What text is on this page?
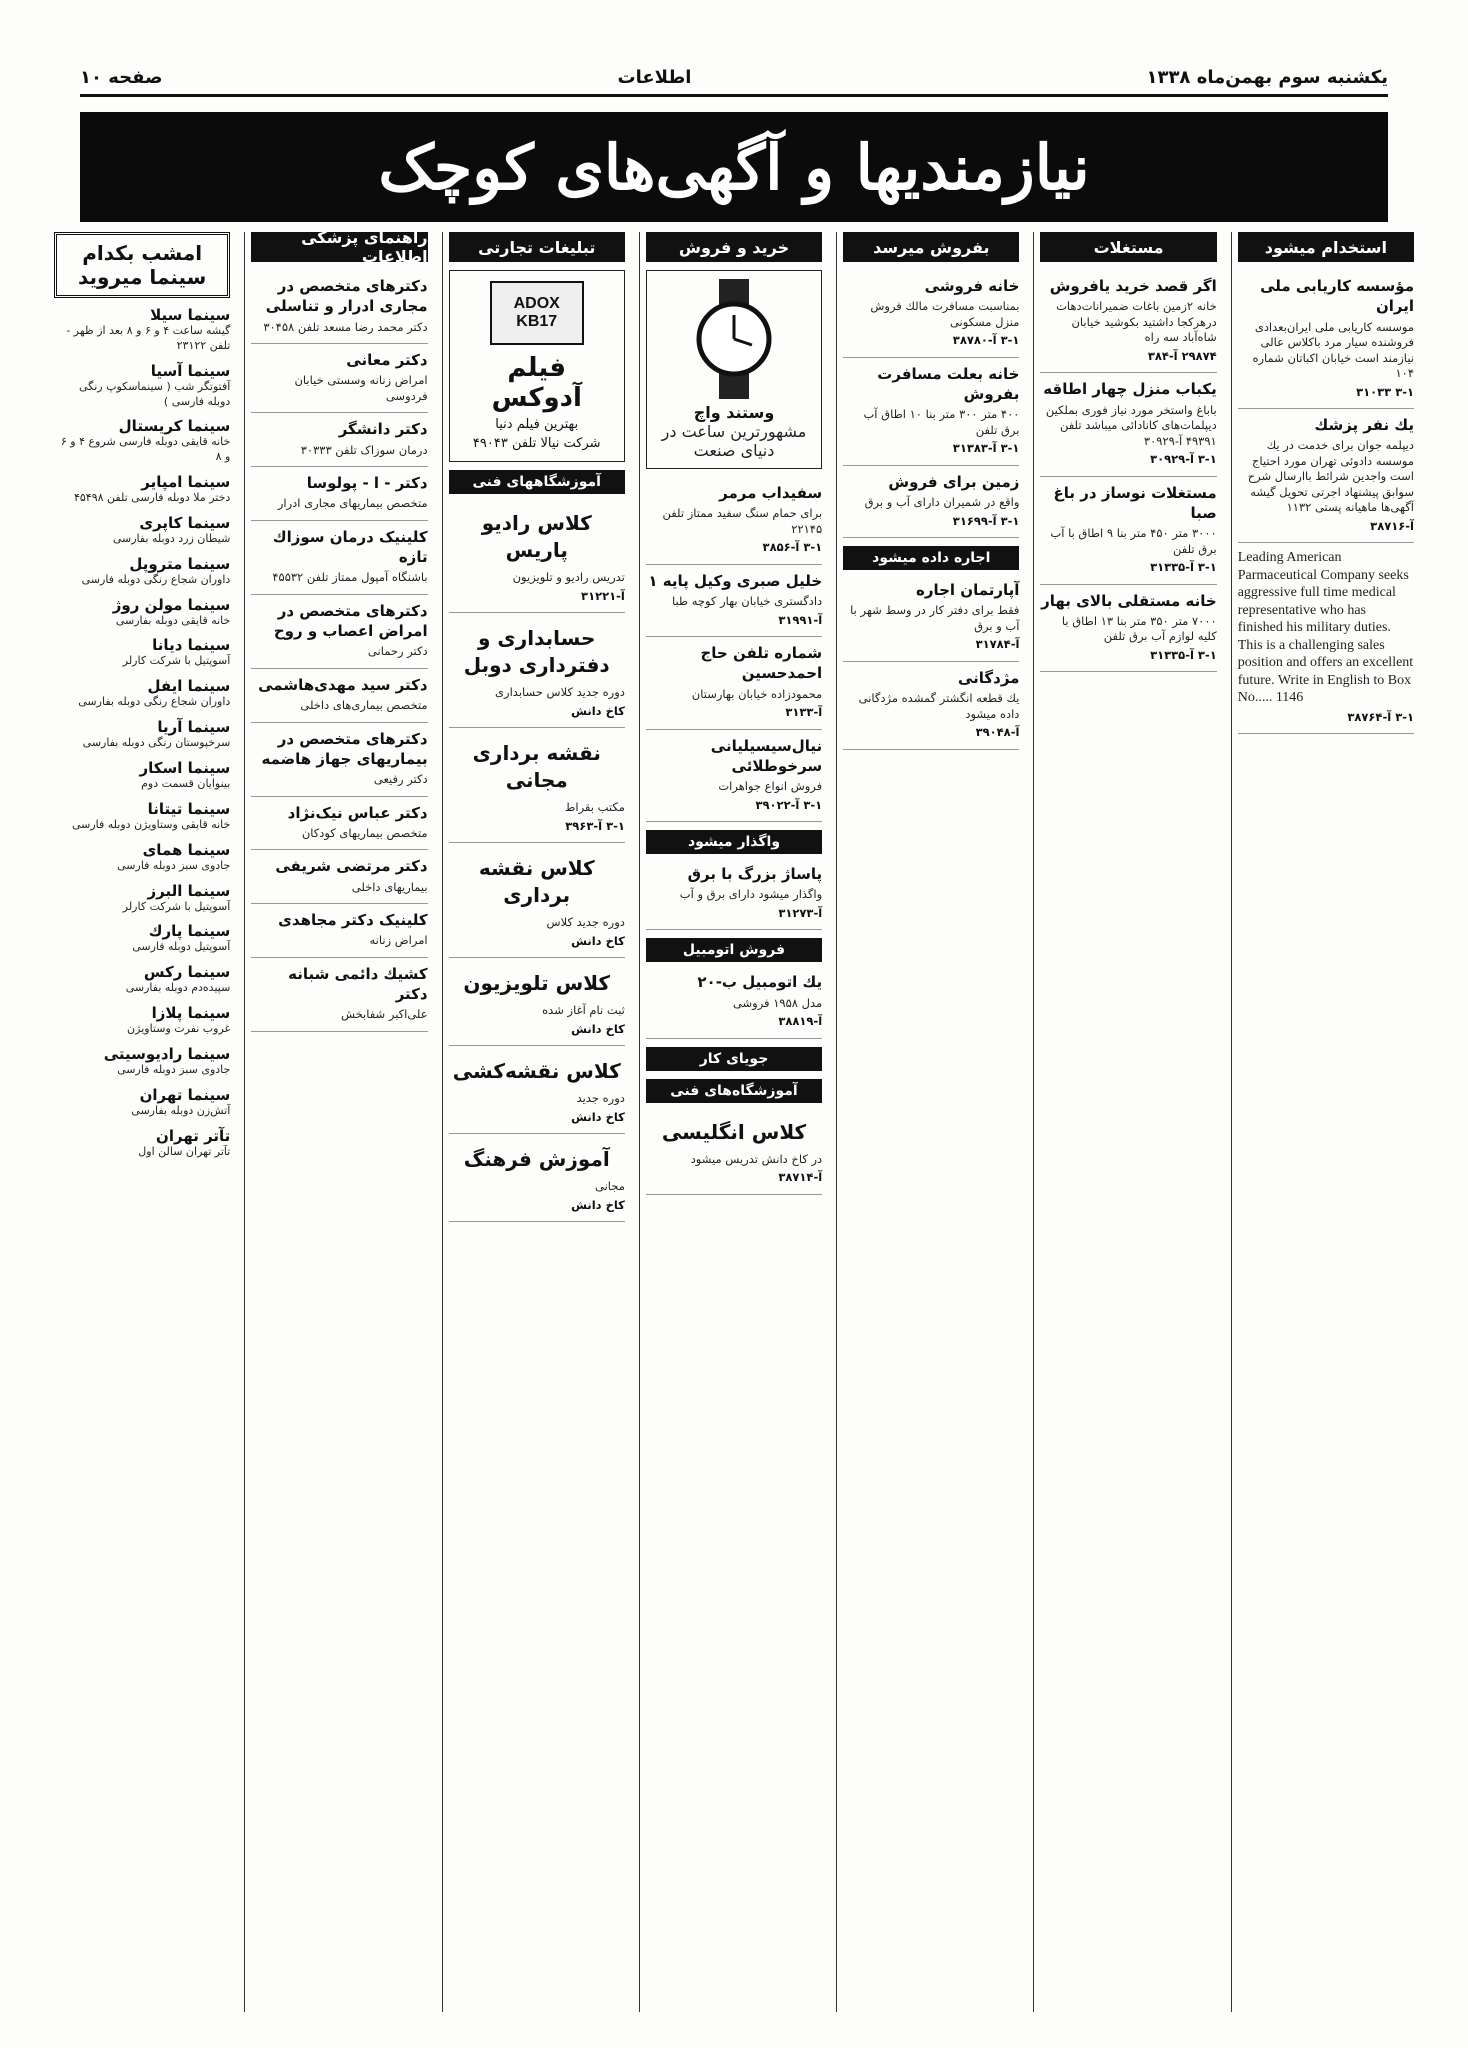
یکشنبه سوم بهمن‌ماه ۱۳۳۸
اطلاعات
صفحه ۱۰
نیازمندیها و آگهی‌های کوچک
استخدام میشود
مؤسسه کاریابی ملی ایران
موسسه کاریابی ملی ایران‌بعدادی فروشنده سیار مرد باکلاس عالی نیازمند است خیابان اکباتان شماره ۱۰۴
۳-۱ ۳۱۰۳۳
یك نفر پزشك
دیپلمه جوان برای خدمت در یك موسسه دادوئی تهران مورد احتیاج است واجدین شرائط باارسال شرح سوابق پیشنهاد اجرتی تحویل گیشه آگهی‌ها ماهیانه پستی ۱۱۳۲
آ-۳۸۷۱۶
Leading American Parmaceutical Company seeks aggressive full time medical representative who has finished his military duties. This is a challenging sales position and offers an excellent future. Write in English to Box No..... 1146
۳-۱ آ-۳۸۷۶۴
مستغلات
اگر قصد خرید یافروش
خانه ۲زمین باغات ضمیرانات‌دهات درهرکجا داشتید بکوشید خیابان شاه‌آباد سه راه
۲۹۸۷۴ آ-۳۸۴
یکباب منزل چهار اطاقه
باباغ واستخر مورد نیاز فوری بملکین دیپلمات‌های کانادائی میباشد تلفن ۴۹۳۹۱ آ-۳۰۹۲۹
۳-۱ آ-۳۰۹۲۹
مستغلات نوساز در باغ صبا
۳۰۰۰ متر ۴۵۰ متر بنا ۹ اطاق با آب برق تلفن
۳-۱ آ-۳۱۳۳۵
خانه مستقلی بالای بهار
۷۰۰۰ متر ۳۵۰ متر بنا ۱۳ اطاق با کلیه لوازم آب برق تلفن
۳-۱ آ-۳۱۳۳۵
بفروش میرسد
خانه فروشی
بمناسبت مسافرت مالك فروش منزل مسکونی
۳-۱ آ-۳۸۷۸۰
خانه بعلت مسافرت بفروش
۴۰۰ متر ۳۰۰ متر بنا ۱۰ اطاق آب برق تلفن
۳-۱ آ-۳۱۳۸۳
زمین برای فروش
واقع در شمیران دارای آب و برق
۳-۱ آ-۳۱۶۹۹
اجاره داده میشود
آپارتمان اجاره
فقط برای دفتر کار در وسط شهر با آب و برق
آ-۳۱۷۸۴
مژدگانی
یك قطعه انگشتر گمشده مژدگانی داده میشود
آ-۳۹۰۴۸
خرید و فروش
وستند واچ
مشهورترین ساعت در دنیای صنعت
سفیداب مرمر
برای حمام سنگ سفید ممتاز تلفن ۲۲۱۴۵
۳-۱ آ-۳۸۵۶
خلیل صبری وکیل پایه ۱
دادگستری خیابان بهار کوچه طبا
آ-۳۱۹۹۱
شماره تلفن حاج احمدحسین
محمودزاده خیابان بهارستان
آ-۳۱۳۳
نیال‌سیسیلیا‌نی سرخوطلائی
فروش انواع جواهرات
۳-۱ آ-۳۹۰۲۲
واگذار میشود
پاساژ بزرگ با برق
واگذار میشود دارای برق و آب
آ-۳۱۲۷۳
فروش اتومبیل
یك اتومبیل ب-۲۰
مدل ۱۹۵۸ فروشی
آ-۳۸۸۱۹
جویای کار
آموزشگاه‌های فنی
کلاس انگلیسی
در کاخ دانش تدریس میشود
آ-۳۸۷۱۴
تبلیغات تجارتی
ADOX KB17
فیلم آدوکس
بهترین فیلم دنیا
شرکت نیالا تلفن ۴۹۰۴۳
آموزشگاههای فنی
کلاس رادیو پاریس
تدریس رادیو و تلویزیون
آ-۳۱۲۲۱
حسابداری و دفترداری دوبل
دوره جدید کلاس حسابداری
کاخ دانش
نقشه برداری مجانی
مکتب بقراط
۳-۱ آ-۳۹۶۳
کلاس نقشه برداری
دوره جدید کلاس
کاخ دانش
کلاس تلویزیون
ثبت نام آغاز شده
کاخ دانش
کلاس نقشه‌کشی
دوره جدید
کاخ دانش
آموزش فرهنگ
مجانی
کاخ دانش
راهنمای پزشکی اطلاعات
دکترهای متخصص در مجاری ادرار و تناسلی
دکتر محمد رضا مسعد تلفن ۳۰۴۵۸
دکتر معانی
امراض زنانه وسستی خیابان فردوسی
دکتر دانشگر
درمان سوزاک تلفن ۳۰۳۳۳
دکتر - ا - پولوسا
متخصص بیماریهای مجاری ادرار
کلینیک درمان سوزاك تازه
باشنگاه آمپول ممتاز تلفن ۴۵۵۳۲
دکترهای متخصص در امراض اعصاب و روح
دکتر رحمانی
دکتر سید مهدی‌هاشمی
متخصص بیماری‌های داخلی
دکترهای متخصص در بیماریهای جهاز هاضمه
دکتر رفیعی
دکتر عباس نیک‌نژاد
متخصص بیماریهای کودکان
دکتر مرتضی شریفی
بیماریهای داخلی
کلینیک دکتر مجاهدی
امراض زنانه
کشیك دائمی شبانه دکتر
علی‌اکبر شفابخش
امشب بکدام سینما میروید
سینما سیلا
گیشه ساعت ۴ و ۶ و ۸ بعد از ظهر - تلفن ۲۳۱۲۲
سینما آسیا
آفتوتگر شب ( سینماسکوپ رنگی دوبله فارسی )
سینما کریستال
خانه قایقی دوبله فارسی شروع ۴ و ۶ و ۸
سینما امپایر
دختر ملا دوبله فارسی تلفن ۴۵۴۹۸
سینما کاپری
شیطان زرد دوبله بفارسی
سینما متروپل
داوران شجاع رنگی دوبله فارسی
سینما مولن روژ
خانه قایقی دوبله بفارسی
سینما دیانا
آسوپتیل با شرکت کارلر
سینما ایفل
داوران شجاع رنگی دوبله بفارسی
سینما آریا
سرخپوستان رنگی دوبله بفارسی
سینما اسکار
بینوایان قسمت دوم
سینما تیتانا
خانه قایقی وستاویژن دوبله فارسی
سینما همای
جادوی سبز دوبله فارسی
سینما البرز
آسوپتیل با شرکت کارلر
سینما پارك
آسوپتیل دوبله فارسی
سینما رکس
سپیده‌دم دوبله بفارسی
سینما پلازا
غروب نفرت وستاویژن
سینما رادیوسیتی
جادوی سبز دوبله فارسی
سینما تهران
آتش‌زن دوبله بفارسی
تآتر تهران
تآتر تهران سالن اول
